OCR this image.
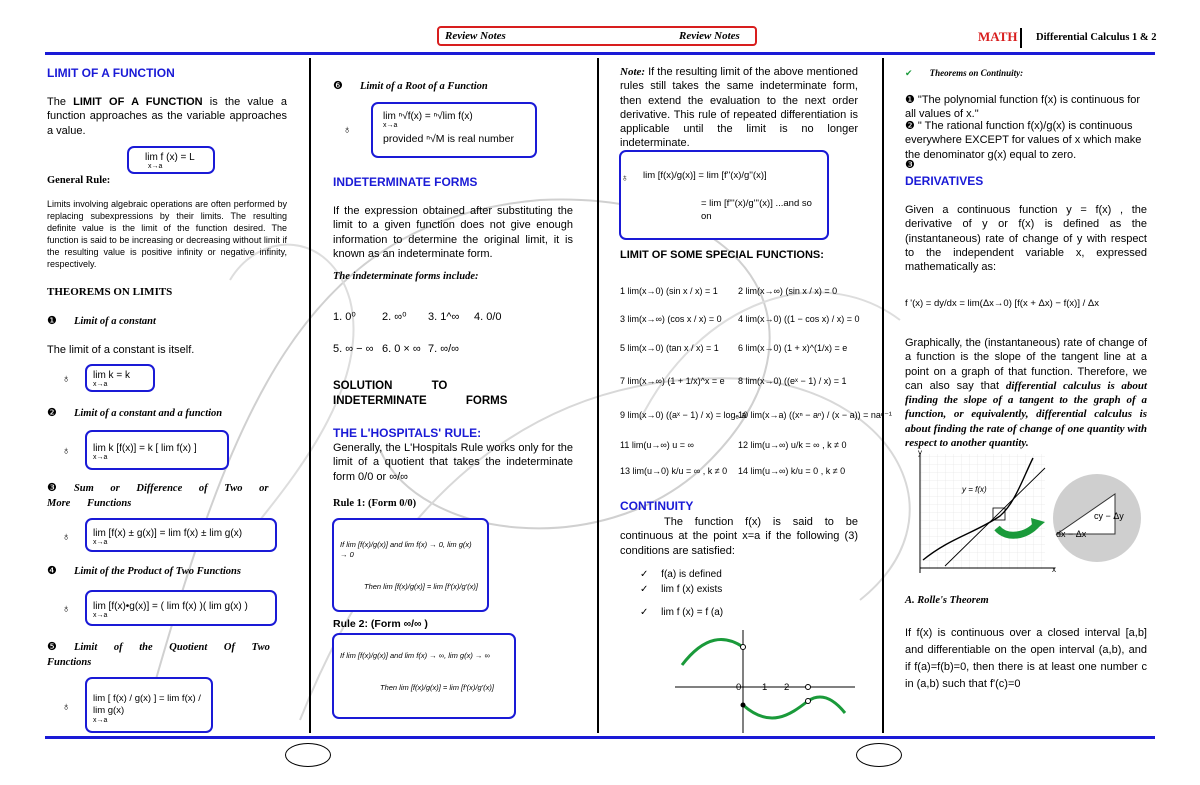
Review Notes	Review Notes	MATH Differential Calculus 1 & 2
LIMIT OF A FUNCTION
The LIMIT OF A FUNCTION is the value a function approaches as the variable approaches a value.
lim f (x) = L
x→a
General Rule:
Limits involving algebraic operations are often performed by replacing subexpressions by their limits. The resulting definite value is the limit of the function desired. The function is said to be increasing or decreasing without limit if the resulting value is positive infinity or negative infinity, respectively.
THEOREMS ON LIMITS
❶ Limit of a constant
The limit of a constant is itself.
♁ lim k = k
x→a
❷ Limit of a constant and a function
♁ lim k [f(x)] = k [ lim f(x) ]
x→a
❸ Sum or Difference of Two or More Functions
♁ lim [f(x) ± g(x)] = lim f(x) ± lim g(x)
x→a
❹ Limit of the Product of Two Functions
♁ lim [f(x)•g(x)] = ( lim f(x) )( lim g(x) )
x→a
❺ Limit of the Quotient Of Two Functions
♁
lim [ f(x) / g(x) ] = lim f(x) / lim g(x)
x→a
❻ Limit of a Root of a Function
♁
lim ⁿ√f(x) = ⁿ√lim f(x)
x→a
provided ⁿ√M is real number
INDETERMINATE FORMS
If the expression obtained after substituting the limit to a given function does not give enough information to determine the original limit, it is known as an indeterminate form.
The indeterminate forms include:
1. 0⁰ 2. ∞⁰ 3. 1^∞ 4. 0/0
5. ∞ − ∞ 6. 0 × ∞ 7. ∞/∞
SOLUTION TO INDETERMINATE FORMS
THE L'HOSPITALS' RULE:
Generally, the L'Hospitals Rule works only for the limit of a quotient that takes the indeterminate form 0/0 or ∞/∞
Rule 1: (Form 0/0)
If lim [f(x)/g(x)] and lim f(x) → 0, lim g(x) → 0
Then lim [f(x)/g(x)] = lim [f'(x)/g'(x)]
Rule 2: (Form ∞/∞ )
If lim [f(x)/g(x)] and lim f(x) → ∞, lim g(x) → ∞
Then lim [f(x)/g(x)] = lim [f'(x)/g'(x)]
Note: If the resulting limit of the above mentioned rules still takes the same indeterminate form, then extend the evaluation to the next order derivative. This rule of repeated differentiation is applicable until the limit is no longer indeterminate.
♁	lim [f(x)/g(x)] = lim [f''(x)/g''(x)]
= lim [f'''(x)/g'''(x)] ...and so on
LIMIT OF SOME SPECIAL FUNCTIONS:
1 lim(x→0) (sin x / x) = 1 2 lim(x→∞) (sin x / x) = 0
3 lim(x→∞) (cos x / x) = 0 4 lim(x→0) ((1 − cos x) / x) = 0
5 lim(x→0) (tan x / x) = 1 6 lim(x→0) (1 + x)^(1/x) = e
7 lim(x→∞) (1 + 1/x)^x = e 8 lim(x→0) ((eˣ − 1) / x) = 1
9 lim(x→0) ((aˣ − 1) / x) = logₑ a
10 lim(x→a) ((xⁿ − aⁿ) / (x − a)) = naⁿ⁻¹
11 lim(u→∞) u = ∞	12 lim(u→∞) u/k = ∞ , k ≠ 0
13 lim(u→0) k/u = ∞ , k ≠ 0 14 lim(u→∞) k/u = 0 , k ≠ 0
CONTINUITY
The function f(x) is said to be continuous at the point x=a if the following (3) conditions are satisfied:
✓ f(a) is defined
✓ lim f (x) exists
✓ lim f (x) = f (a)
0 1 2
✔ Theorems on Continuity:
❶ "The polynomial function f(x) is continuous for all values of x."
❷ " The rational function f(x)/g(x) is continuous everywhere EXCEPT for values of x which make the denominator g(x) equal to zero.
❸
DERIVATIVES
Given a continuous function y = f(x) , the derivative of y or f(x) is defined as the (instantaneous) rate of change of y with respect to the independent variable x, expressed mathematically as:
f '(x) = dy/dx = lim(Δx→0) [f(x + Δx) − f(x)] / Δx
Graphically, the (instantaneous) rate of change of a function is the slope of the tangent line at a point on a graph of that function. Therefore, we can also say that differential calculus is about finding the slope of a tangent to the graph of a function, or equivalently, differential calculus is about finding the rate of change of one quantity with respect to another quantity.
y
x
y = f(x)
cy − Δy
dx − Δx
A. Rolle's Theorem
If f(x) is continuous over a closed interval [a,b] and differentiable on the open interval (a,b), and if f(a)=f(b)=0, then there is at least one number c in (a,b) such that f'(c)=0
